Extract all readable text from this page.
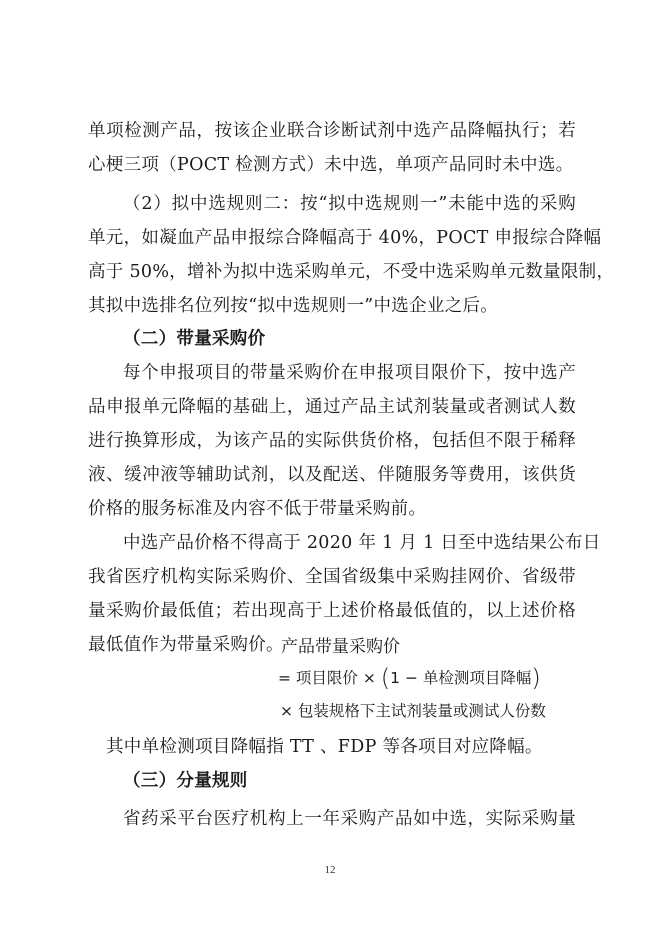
单项检测产品，按该企业联合诊断试剂中选产品降幅执行；若
心梗三项（POCT 检测方式）未中选，单项产品同时未中选。
（2）拟中选规则二：按“拟中选规则一”未能中选的采购
单元，如凝血产品申报综合降幅高于 40%，POCT 申报综合降幅
高于 50%，增补为拟中选采购单元，不受中选采购单元数量限制，
其拟中选排名位列按“拟中选规则一”中选企业之后。
（二）带量采购价
每个申报项目的带量采购价在申报项目限价下，按中选产
品申报单元降幅的基础上，通过产品主试剂装量或者测试人数
进行换算形成，为该产品的实际供货价格，包括但不限于稀释
液、缓冲液等辅助试剂，以及配送、伴随服务等费用，该供货
价格的服务标准及内容不低于带量采购前。
中选产品价格不得高于 2020 年 1 月 1 日至中选结果公布日
我省医疗机构实际采购价、全国省级集中采购挂网价、省级带
量采购价最低值；若出现高于上述价格最低值的，以上述价格
最低值作为带量采购价。
产品带量采购价
= 项目限价 × (1 − 单检测项目降幅)
× 包装规格下主试剂装量或测试人份数
其中单检测项目降幅指 TT 、FDP 等各项目对应降幅。
（三）分量规则
省药采平台医疗机构上一年采购产品如中选，实际采购量
12
